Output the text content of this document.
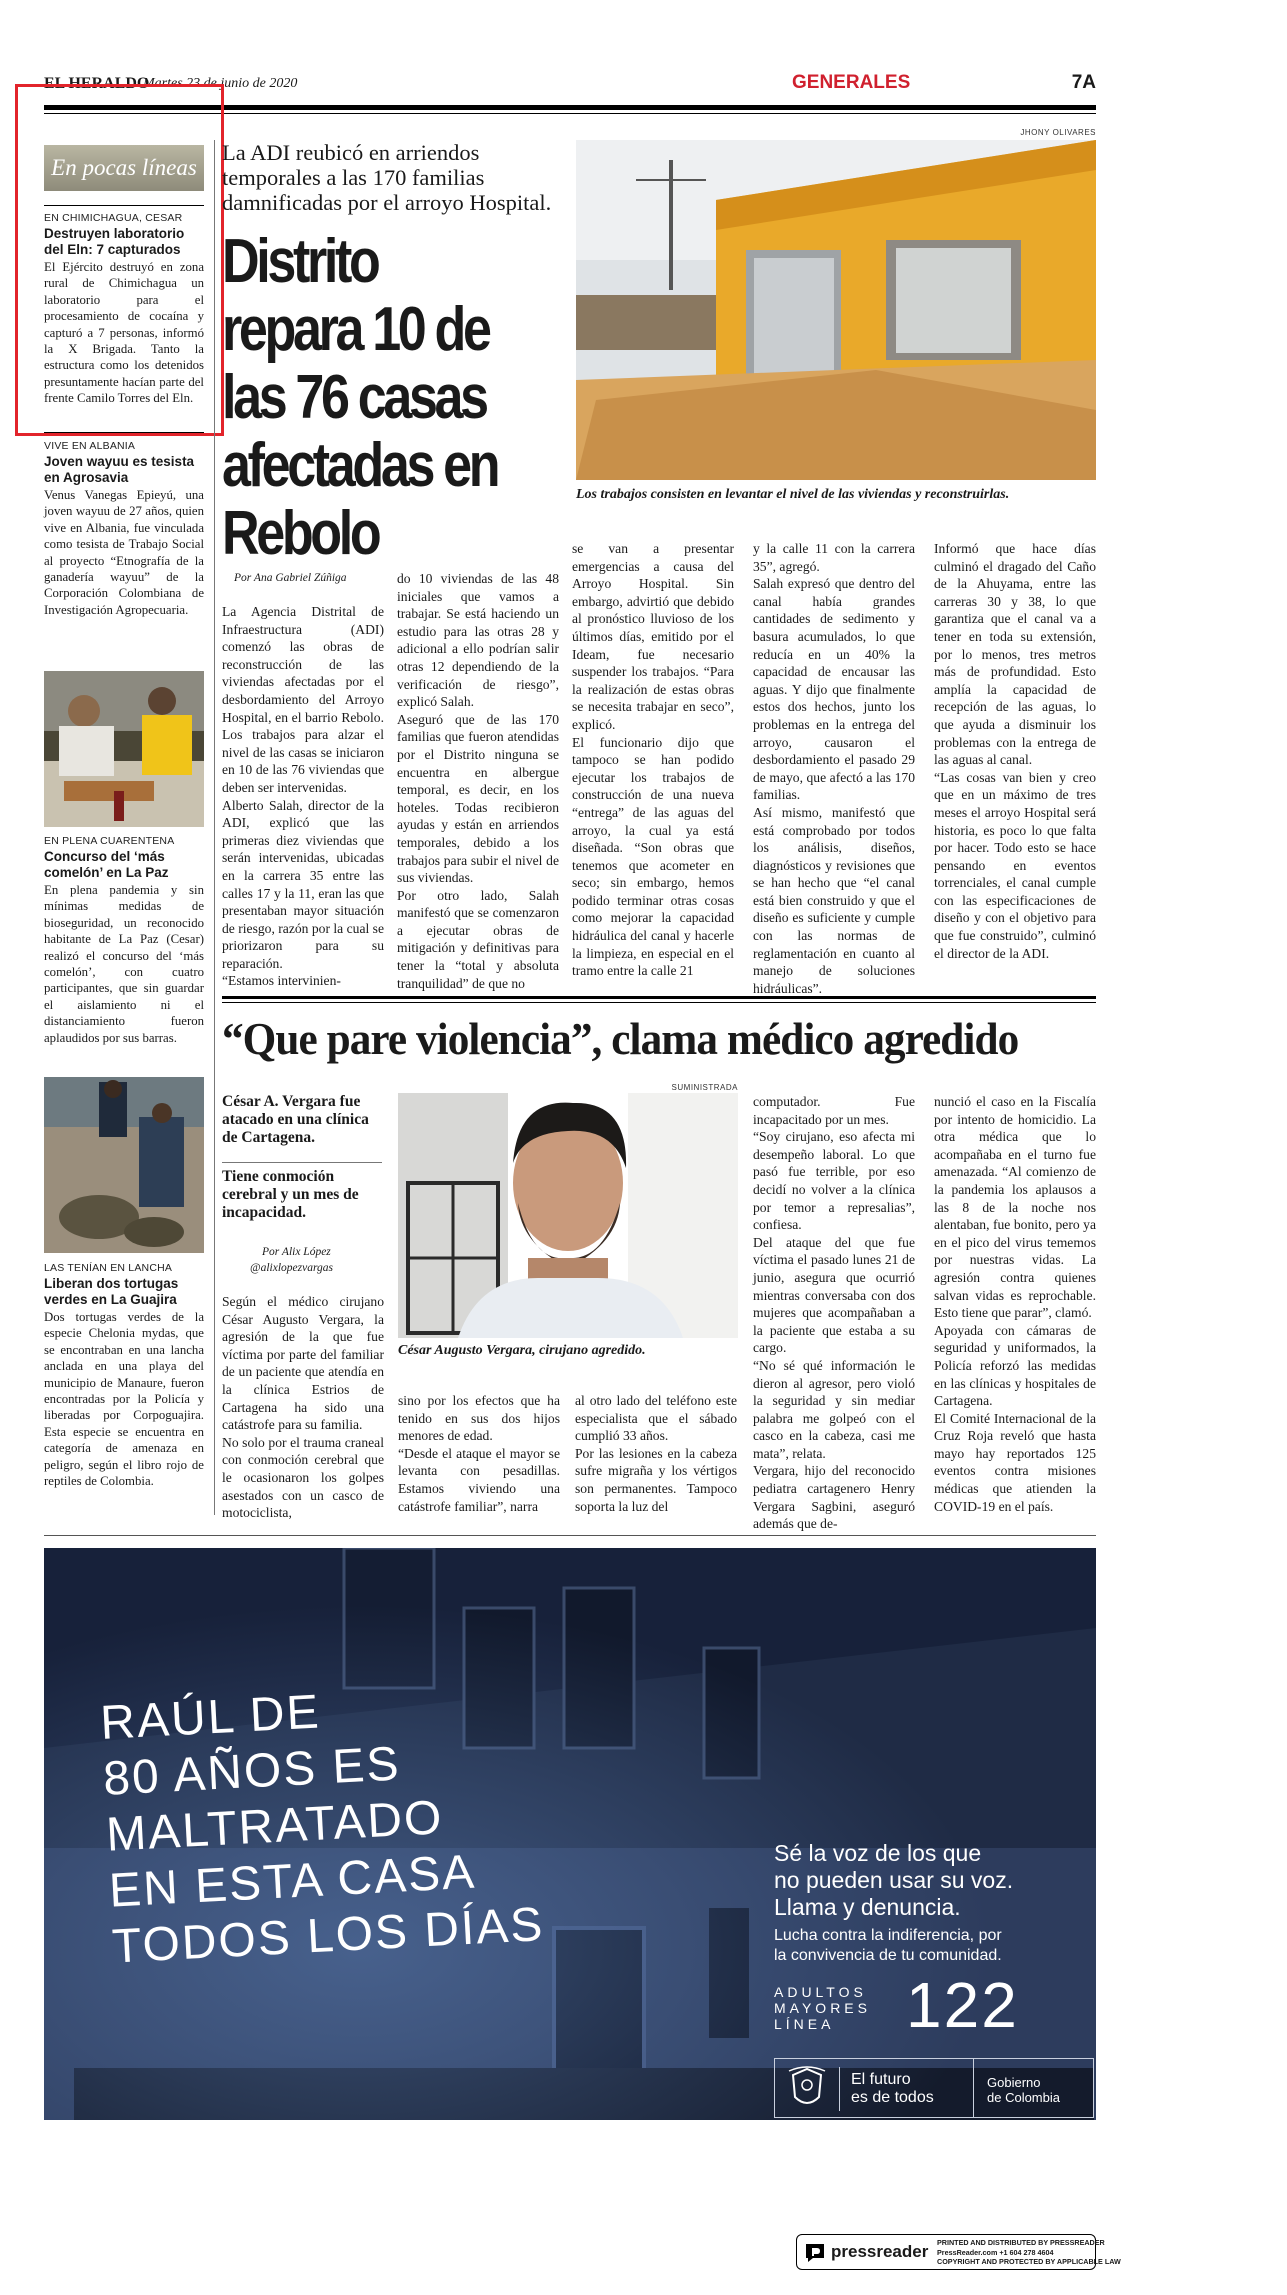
EL HERALDO
Martes 23 de junio de 2020	GENERALES	7A
En pocas líneas
EN CHIMICHAGUA, CESAR
Destruyen laboratorio del Eln: 7 capturados
El Ejército destruyó en zona rural de Chimichagua un laboratorio para el procesamiento de cocaína y capturó a 7 personas, informó la X Brigada. Tanto la estructura como los detenidos presuntamente hacían parte del frente Camilo Torres del Eln.
VIVE EN ALBANIA
Joven wayuu es tesista en Agrosavia
Venus Vanegas Epieyú, una joven wayuu de 27 años, quien vive en Albania, fue vinculada como tesista de Trabajo Social al proyecto “Etnografía de la ganadería wayuu” de la Corporación Colombiana de Investigación Agropecuaria.
EN PLENA CUARENTENA
Concurso del ‘más comelón’ en La Paz
En plena pandemia y sin mínimas medidas de bioseguridad, un reconocido habitante de La Paz (Cesar) realizó el concurso del ‘más comelón’, con cuatro participantes, que sin guardar el aislamiento ni el distanciamiento fueron aplaudidos por sus barras.
LAS TENÍAN EN LANCHA
Liberan dos tortugas verdes en La Guajira
Dos tortugas verdes de la especie Chelonia mydas, que se encontraban en una lancha anclada en una playa del municipio de Manaure, fueron encontradas por la Policía y liberadas por Corpoguajira. Esta especie se encuentra en categoría de amenaza en peligro, según el libro rojo de reptiles de Colombia.
La ADI reubicó en arriendos temporales a las 170 familias damnificadas por el arroyo Hospital.
Distrito repara 10 de las 76 casas afectadas en Rebolo
JHONY OLIVARES
Los trabajos consisten en levantar el nivel de las viviendas y reconstruirlas.
Por Ana Gabriel Zúñiga
La Agencia Distrital de Infraestructura (ADI) comenzó las obras de reconstrucción de las viviendas afectadas por el desbordamiento del Arroyo Hospital, en el barrio Rebolo. Los trabajos para alzar el nivel de las casas se iniciaron en 10 de las 76 viviendas que deben ser intervenidas.
Alberto Salah, director de la ADI, explicó que las primeras diez viviendas que serán intervenidas, ubicadas en la carrera 35 entre las calles 17 y la 11, eran las que presentaban mayor situación de riesgo, razón por la cual se priorizaron para su reparación.
“Estamos intervinien-
do 10 viviendas de las 48 iniciales que vamos a trabajar. Se está haciendo un estudio para las otras 28 y adicional a ello podrían salir otras 12 dependiendo de la verificación de riesgo”, explicó Salah.
Aseguró que de las 170 familias que fueron atendidas por el Distrito ninguna se encuentra en albergue temporal, es decir, en los hoteles. Todas recibieron ayudas y están en arriendos temporales, debido a los trabajos para subir el nivel de sus viviendas.
Por otro lado, Salah manifestó que se comenzaron a ejecutar obras de mitigación y definitivas para tener la “total y absoluta tranquilidad” de que no
se van a presentar emergencias a causa del Arroyo Hospital. Sin embargo, advirtió que debido al pronóstico lluvioso de los últimos días, emitido por el Ideam, fue necesario suspender los trabajos. “Para la realización de estas obras se necesita trabajar en seco”, explicó.
El funcionario dijo que tampoco se han podido ejecutar los trabajos de construcción de una nueva “entrega” de las aguas del arroyo, la cual ya está diseñada. “Son obras que tenemos que acometer en seco; sin embargo, hemos podido terminar otras cosas como mejorar la capacidad hidráulica del canal y hacerle la limpieza, en especial en el tramo entre la calle 21
y la calle 11 con la carrera 35”, agregó.
Salah expresó que dentro del canal había grandes cantidades de sedimento y basura acumulados, lo que reducía en un 40% la capacidad de encausar las aguas. Y dijo que finalmente estos dos hechos, junto los problemas en la entrega del arroyo, causaron el desbordamiento el pasado 29 de mayo, que afectó a las 170 familias.
Así mismo, manifestó que está comprobado por todos los análisis, diseños, diagnósticos y revisiones que se han hecho que “el canal está bien construido y que el diseño es suficiente y cumple con las normas de reglamentación en cuanto al manejo de soluciones hidráulicas”.
Informó que hace días culminó el dragado del Caño de la Ahuyama, entre las carreras 30 y 38, lo que garantiza que el canal va a tener en toda su extensión, por lo menos, tres metros más de profundidad. Esto amplía la capacidad de recepción de las aguas, lo que ayuda a disminuir los problemas con la entrega de las aguas al canal.
“Las cosas van bien y creo que en un máximo de tres meses el arroyo Hospital será historia, es poco lo que falta por hacer. Todo esto se hace pensando en eventos torrenciales, el canal cumple con las especificaciones de diseño y con el objetivo para que fue construido”, culminó el director de la ADI.
“Que pare violencia”, clama médico agredido
César A. Vergara fue atacado en una clínica de Cartagena.
Tiene conmoción cerebral y un mes de incapacidad.
Por Alix López
@alixlopezvargas
SUMINISTRADA
César Augusto Vergara, cirujano agredido.
Según el médico cirujano César Augusto Vergara, la agresión de la que fue víctima por parte del familiar de un paciente que atendía en la clínica Estrios de Cartagena ha sido una catástrofe para su familia.
No solo por el trauma craneal con conmoción cerebral que le ocasionaron los golpes asestados con un casco de motociclista,
sino por los efectos que ha tenido en sus dos hijos menores de edad.
“Desde el ataque el mayor se levanta con pesadillas. Estamos viviendo una catástrofe familiar”, narra
al otro lado del teléfono este especialista que el sábado cumplió 33 años.
Por las lesiones en la cabeza sufre migraña y los vértigos son permanentes. Tampoco soporta la luz del
computador. Fue incapacitado por un mes.
“Soy cirujano, eso afecta mi desempeño laboral. Lo que pasó fue terrible, por eso decidí no volver a la clínica por temor a represalias”, confiesa.
Del ataque del que fue víctima el pasado lunes 21 de junio, asegura que ocurrió mientras conversaba con dos mujeres que acompañaban a la paciente que estaba a su cargo.
“No sé qué información le dieron al agresor, pero violó la seguridad y sin mediar palabra me golpeó con el casco en la cabeza, casi me mata”, relata.
Vergara, hijo del reconocido pediatra cartagenero Henry Vergara Sagbini, aseguró además que de-
nunció el caso en la Fiscalía por intento de homicidio. La otra médica que lo acompañaba en el turno fue amenazada. “Al comienzo de la pandemia los aplausos a las 8 de la noche nos alentaban, fue bonito, pero ya en el pico del virus tememos por nuestras vidas. La agresión contra quienes salvan vidas es reprochable. Esto tiene que parar”, clamó.
Apoyada con cámaras de seguridad y uniformados, la Policía reforzó las medidas en las clínicas y hospitales de Cartagena.
El Comité Internacional de la Cruz Roja reveló que hasta mayo hay reportados 125 eventos contra misiones médicas que atienden la COVID-19 en el país.
RAÚL DE
80 AÑOS ES
MALTRATADO
EN ESTA CASA
TODOS LOS DÍAS
Sé la voz de los que
no pueden usar su voz.
Llama y denuncia.
Lucha contra la indiferencia, por
la convivencia de tu comunidad.
ADULTOS
MAYORES
LÍNEA	122
El futuro
es de todos
Gobierno
de Colombia
pressreader PRINTED AND DISTRIBUTED BY PRESSREADER
PressReader.com +1 604 278 4604
COPYRIGHT AND PROTECTED BY APPLICABLE LAW
